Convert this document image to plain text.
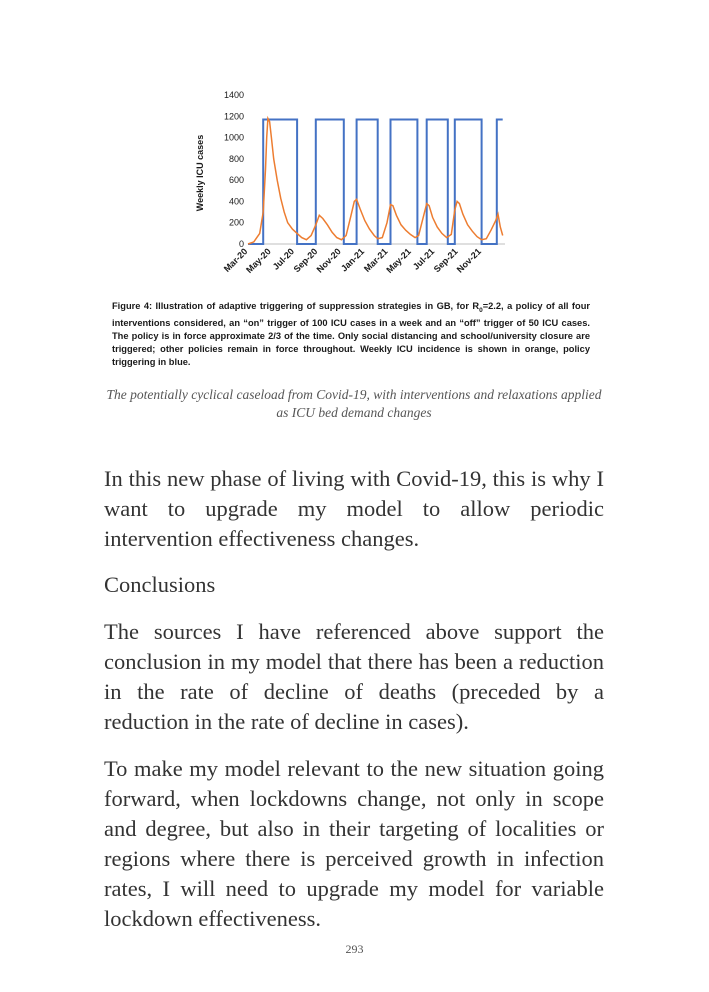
0
200
400
600
800
1000
1200
1400
Mar-20
May-20
Jul-20
Sep-20
Nov-20
Jan-21
Mar-21
May-21
Jul-21
Sep-21
Nov-21
Weekly ICU cases

Figure 4: Illustration of adaptive triggering of suppression strategies in GB, for $R_0=2.2$, a policy of all four interventions considered, an “on” trigger of 100 ICU cases in a week and an “off” trigger of 50 ICU cases. The policy is in force approximate 2/3 of the time. Only social distancing and school/university closure are triggered; other policies remain in force throughout. Weekly ICU incidence is shown in orange, policy triggering in blue.

The potentially cyclical caseload from Covid-19, with interventions and relaxations applied as ICU bed demand changes

In this new phase of living with Covid-19, this is why I want to upgrade my model to allow periodic intervention effectiveness changes.

Conclusions

The sources I have referenced above support the conclusion in my model that there has been a reduction in the rate of decline of deaths (preceded by a reduction in the rate of decline in cases).

To make my model relevant to the new situation going forward, when lockdowns change, not only in scope and degree, but also in their targeting of localities or regions where there is perceived growth in infection rates, I will need to upgrade my model for variable lockdown effectiveness.

293
